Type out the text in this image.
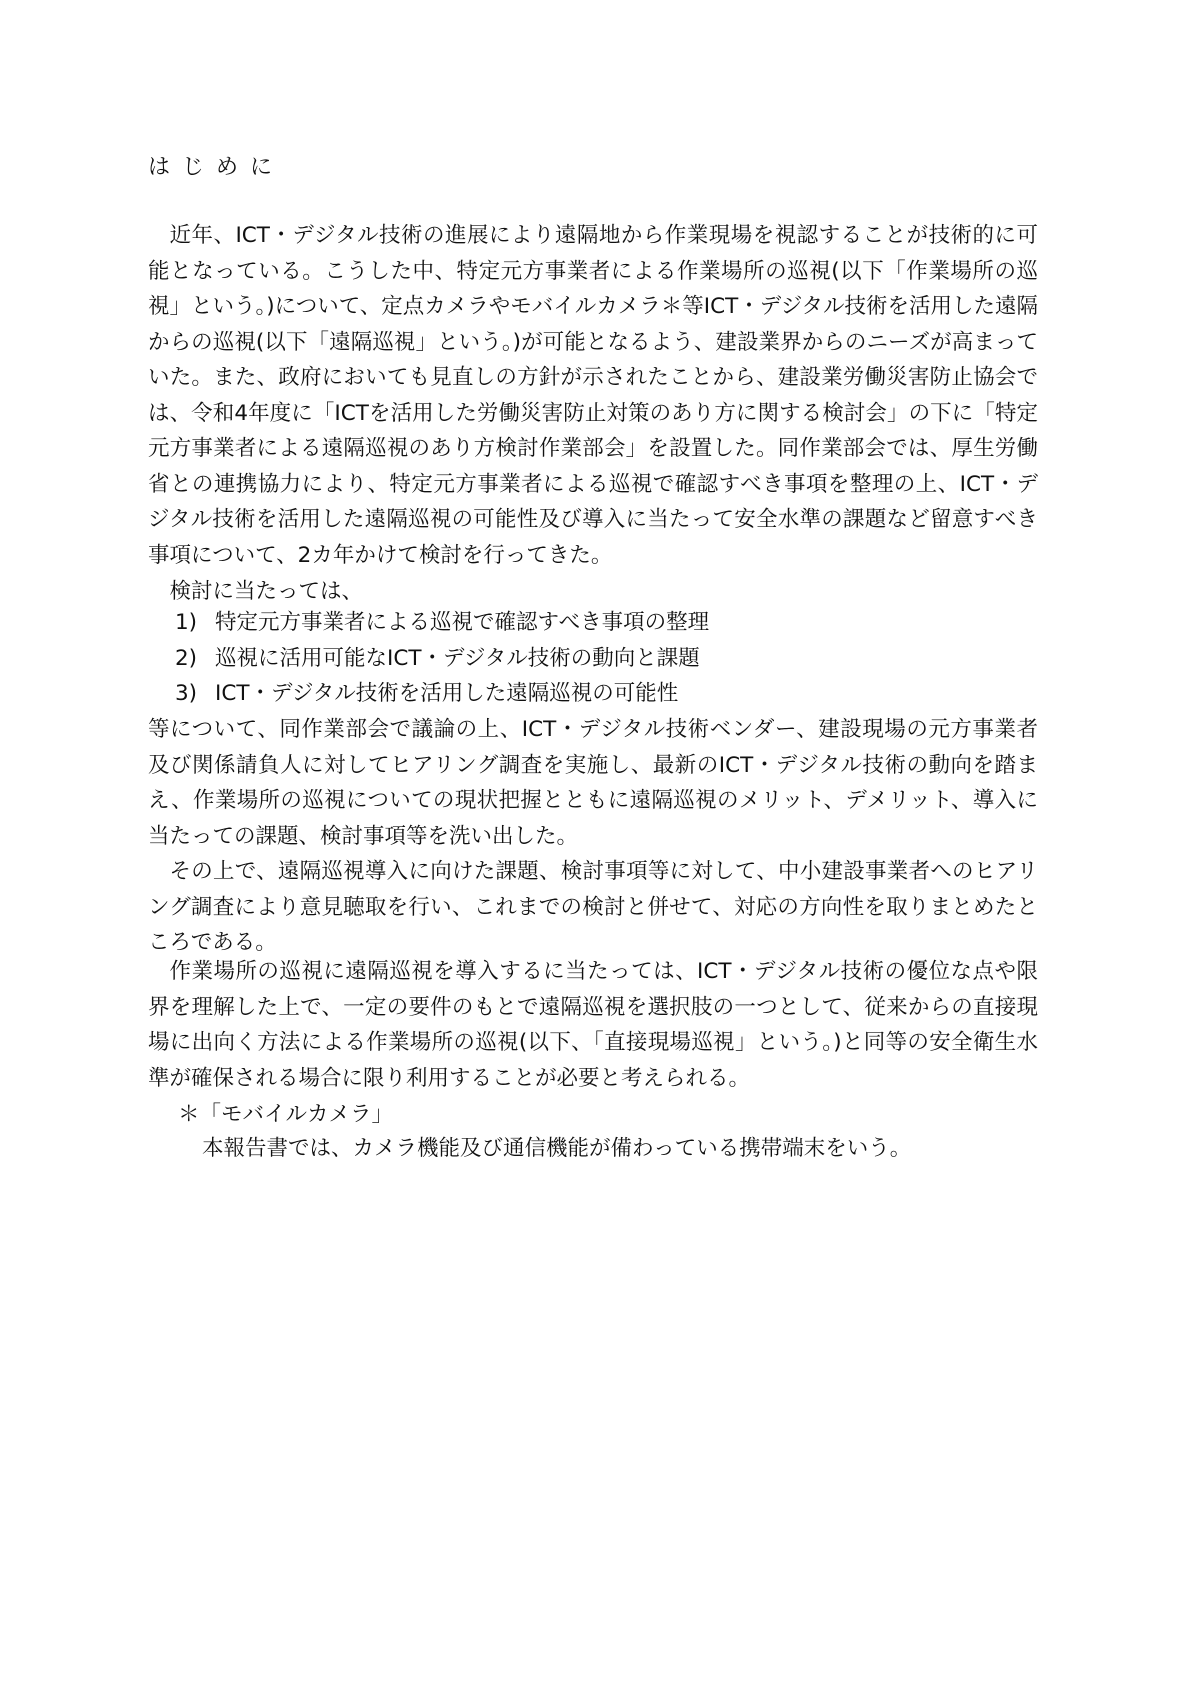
はじめに
近年、ICT・デジタル技術の進展により遠隔地から作業現場を視認することが技術的に可能となっている。こうした中、特定元方事業者による作業場所の巡視(以下「作業場所の巡視」という。)について、定点カメラやモバイルカメラ＊等ICT・デジタル技術を活用した遠隔からの巡視(以下「遠隔巡視」という。)が可能となるよう、建設業界からのニーズが高まっていた。また、政府においても見直しの方針が示されたことから、建設業労働災害防止協会では、令和4年度に「ICTを活用した労働災害防止対策のあり方に関する検討会」の下に「特定元方事業者による遠隔巡視のあり方検討作業部会」を設置した。同作業部会では、厚生労働省との連携協力により、特定元方事業者による巡視で確認すべき事項を整理の上、ICT・デジタル技術を活用した遠隔巡視の可能性及び導入に当たって安全水準の課題など留意すべき事項について、2カ年かけて検討を行ってきた。
検討に当たっては、
1) 特定元方事業者による巡視で確認すべき事項の整理
2) 巡視に活用可能なICT・デジタル技術の動向と課題
3) ICT・デジタル技術を活用した遠隔巡視の可能性
等について、同作業部会で議論の上、ICT・デジタル技術ベンダー、建設現場の元方事業者及び関係請負人に対してヒアリング調査を実施し、最新のICT・デジタル技術の動向を踏まえ、作業場所の巡視についての現状把握とともに遠隔巡視のメリット、デメリット、導入に当たっての課題、検討事項等を洗い出した。
その上で、遠隔巡視導入に向けた課題、検討事項等に対して、中小建設事業者へのヒアリング調査により意見聴取を行い、これまでの検討と併せて、対応の方向性を取りまとめたところである。
作業場所の巡視に遠隔巡視を導入するに当たっては、ICT・デジタル技術の優位な点や限界を理解した上で、一定の要件のもとで遠隔巡視を選択肢の一つとして、従来からの直接現場に出向く方法による作業場所の巡視(以下、「直接現場巡視」という。)と同等の安全衛生水準が確保される場合に限り利用することが必要と考えられる。
＊「モバイルカメラ」
本報告書では、カメラ機能及び通信機能が備わっている携帯端末をいう。
